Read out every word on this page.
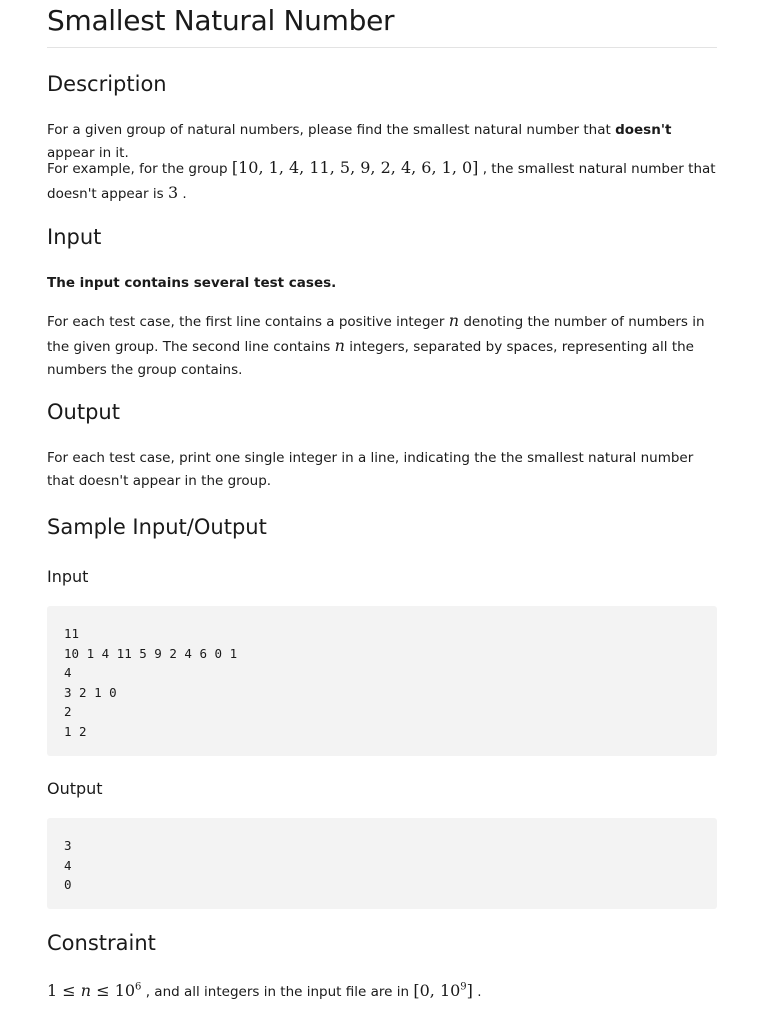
Smallest Natural Number
Description

For a given group of natural numbers, please find the smallest natural number that doesn't appear in it.

For example, for the group [10, 1, 4, 11, 5, 9, 2, 4, 6, 1, 0] , the smallest natural number that doesn't appear is 3 .

Input

The input contains several test cases.

For each test case, the first line contains a positive integer n denoting the number of numbers in the given group. The second line contains n integers, separated by spaces, representing all the numbers the group contains.

Output

For each test case, print one single integer in a line, indicating the the smallest natural number that doesn't appear in the group.

Sample Input/Output
Input
11
10 1 4 11 5 9 2 4 6 0 1
4
3 2 1 0
2
1 2
Output
3
4
0
Constraint

$1 \le n \le 10^6$ , and all integers in the input file are in [0, $10^9$] .
